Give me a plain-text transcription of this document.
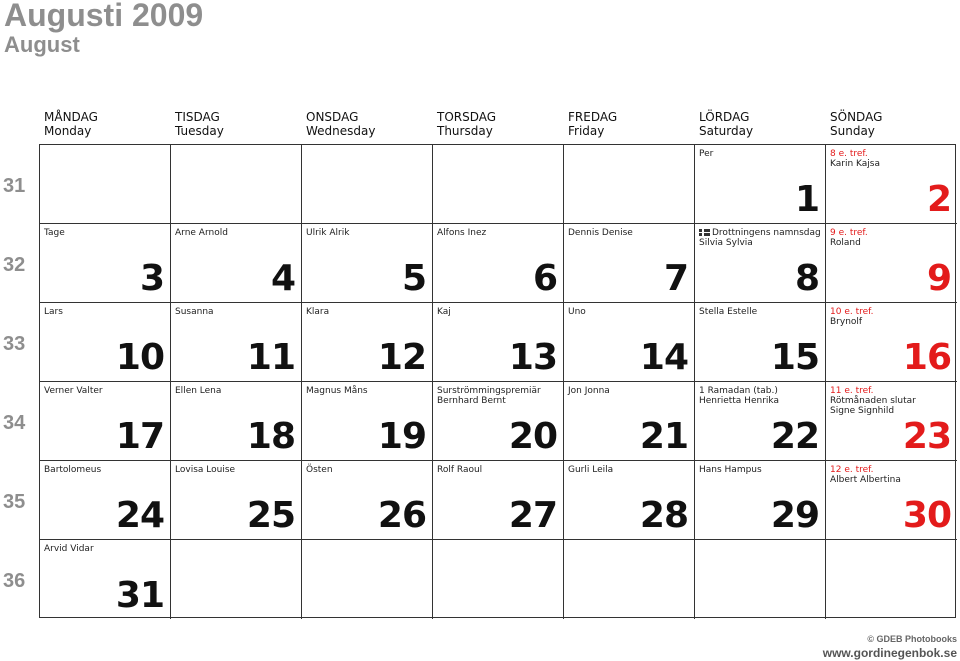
Augusti 2009
August
MÅNDAG
Monday
TISDAG
Tuesday
ONSDAG
Wednesday
TORSDAG
Thursday
FREDAG
Friday
LÖRDAG
Saturday
SÖNDAG
Sunday
31
32
33
34
35
36
Per
1
8 e. tref.
Karin Kajsa
2
Tage
3
Arne Arnold
4
Ulrik Alrik
5
Alfons Inez
6
Dennis Denise
7
Drottningens namnsdag
Silvia Sylvia
8
9 e. tref.
Roland
9
Lars
10
Susanna
11
Klara
12
Kaj
13
Uno
14
Stella Estelle
15
10 e. tref.
Brynolf
16
Verner Valter
17
Ellen Lena
18
Magnus Måns
19
Surströmmingspremiär
Bernhard Bernt
20
Jon Jonna
21
1 Ramadan (tab.)
Henrietta Henrika
22
11 e. tref.
Rötmånaden slutar
Signe Signhild
23
Bartolomeus
24
Lovisa Louise
25
Östen
26
Rolf Raoul
27
Gurli Leila
28
Hans Hampus
29
12 e. tref.
Albert Albertina
30
Arvid Vidar
31
© GDEB Photobooks
www.gordinegenbok.se
